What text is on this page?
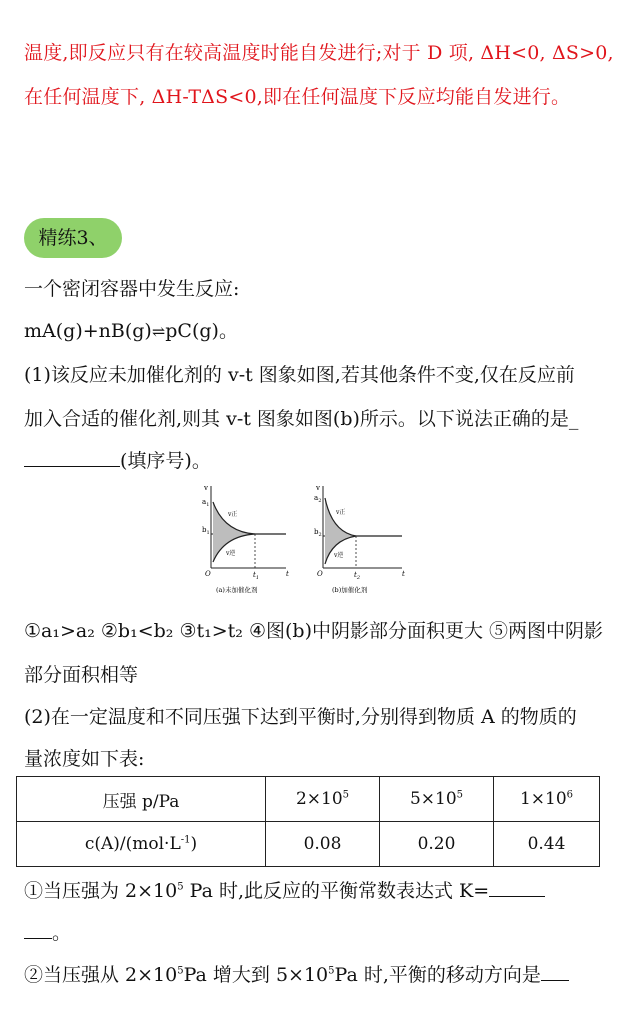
温度,即反应只有在较高温度时能自发进行;对于 D 项, ΔH<0, ΔS>0,
在任何温度下, ΔH-TΔS<0,即在任何温度下反应均能自发进行。
精练3、
一个密闭容器中发生反应:
mA(g)+nB(g)⇌pC(g)。
(1)该反应未加催化剂的 v-t 图象如图,若其他条件不变,仅在反应前
加入合适的催化剂,则其 v-t 图象如图(b)所示。以下说法正确的是_
(填序号)。
v
$a_1$
$b_1$
v正
v逆
O	t
$t_1$
(a)未加催化剂
v
$a_2$
$b_2$
v正
v逆
O	t
$t_2$
(b)加催化剂
①a₁>a₂ ②b₁<b₂ ③t₁>t₂ ④图(b)中阴影部分面积更大 ⑤两图中阴影
部分面积相等
(2)在一定温度和不同压强下达到平衡时,分别得到物质 A 的物质的
量浓度如下表:
压强 p/Pa	$2\times 10^5$	$5\times 10^5$	$1\times 10^6$
$c(A)/(mol\cdot L^{-1})$	0.08	0.20	0.44
①当压强为 $2\times 10^5$ Pa 时,此反应的平衡常数表达式 K=
。
②当压强从 $2\times 10^5Pa$ 增大到 $5\times 10^5Pa$ 时,平衡的移动方向是
